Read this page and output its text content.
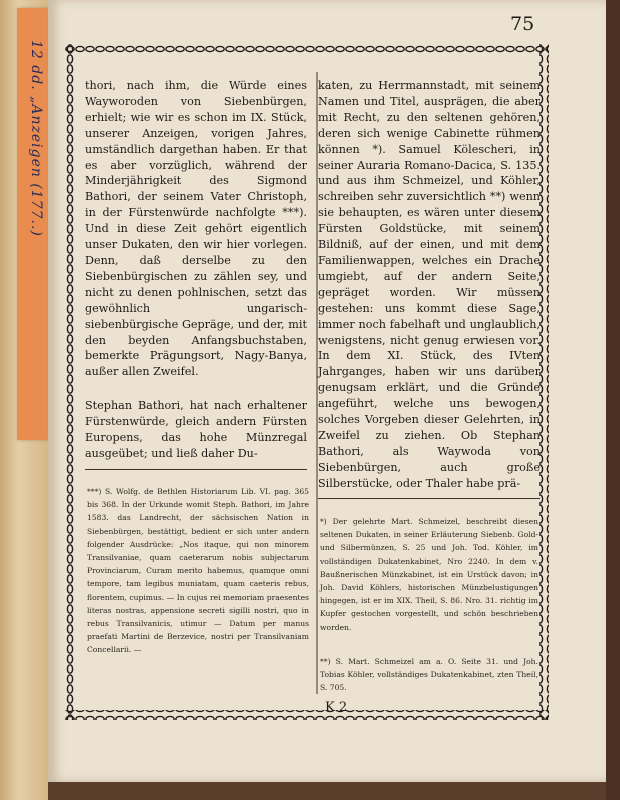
12 dd. „Anzeigen (177..)
75

thori, nach ihm, die Würde eines Wayworoden von Siebenbürgen, erhielt; wie wir es schon im IX. Stück, unserer Anzeigen, vorigen Jahres, umständlich dargethan haben. Er that es aber vorzüglich, während der Minderjährigkeit des Sigmond Bathori, der seinem Vater Christoph, in der Fürstenwürde nachfolgte ***). Und in diese Zeit gehört eigentlich unser Dukaten, den wir hier vorlegen. Denn, daß derselbe zu den Siebenbürgischen zu zählen sey, und nicht zu denen pohlnischen, setzt das gewöhnlich ungarisch- siebenbürgische Gepräge, und der, mit den beyden Anfangsbuchstaben, bemerkte Prägungsort, Nagy-Banya, außer allen Zweifel.

Stephan Bathori, hat nach erhaltener Fürstenwürde, gleich andern Fürsten Europens, das hohe Münzregal ausgeübet; und ließ daher Du-

katen, zu Herrmannstadt, mit seinem Namen und Titel, ausprägen, die aber mit Recht, zu den seltenen gehören, deren sich wenige Cabinette rühmen können *). Samuel Kölescheri, in seiner Auraria Romano-Dacica, S. 135. und aus ihm Schmeizel, und Köhler, schreiben sehr zuversichtlich **) wenn sie behaupten, es wären unter diesem Fürsten Goldstücke, mit seinem Bildniß, auf der einen, und mit dem Familienwappen, welches ein Drache umgiebt, auf der andern Seite, gepräget worden. Wir müssen gestehen: uns kommt diese Sage, immer noch fabelhaft und unglaublich, wenigstens, nicht genug erwiesen vor. In dem XI. Stück, des IVten Jahrganges, haben wir uns darüber genugsam erklärt, und die Gründe angeführt, welche uns bewogen, solches Vorgeben dieser Gelehrten, in Zweifel zu ziehen. Ob Stephan Bathori, als Waywoda von Siebenbürgen, auch große Silberstücke, oder Thaler habe prä-

***) S. Wolfg. de Bethlen Historiarum Lib. VI. pag. 365 bis 368. In der Urkunde womit Steph. Bathori, im Jahre 1583. das Landrecht, der sächsischen Nation in Siebenbürgen, bestättigt, bedient er sich unter andern folgender Ausdrücke: „Nos itaque, qui non minorem Transilvaniae, quam caeterarum nobis subjectarum Provinciarum, Curam merito habemus, quamque omni tempore, tam legibus muniatam, quam caeteris rebus, florentem, cupimus. — In cujus rei memoriam praesentes literas nostras, appensione secreti sigilli nostri, quo in rebus Transilvanicis, utimur — Datum per manus praefati Martini de Berzevice, nostri per Transilvaniam Concellarii. —

*) Der gelehrte Mart. Schmeizel, beschreibt diesen seltenen Dukaten, in seiner Erläuterung Siebenb. Gold- und Silbermünzen, S. 25 und Joh. Tod. Köhler, im vollständigen Dukatenkabinet, Nro 2240. In dem v. Baußnerischen Münzkabinet, ist ein Urstück davon; in Joh. David Köhlers, historischen Münzbelustigungen hingegen, ist er im XIX. Theil, S. 86. Nro. 31. richtig im Kupfer gestochen vorgestellt, und schön beschrieben worden.

**) S. Mart. Schmeizel am a. O. Seite 31. und Joh. Tobias Köhler, vollständiges Dukatenkabinet, zten Theil, S. 705.

K 2
